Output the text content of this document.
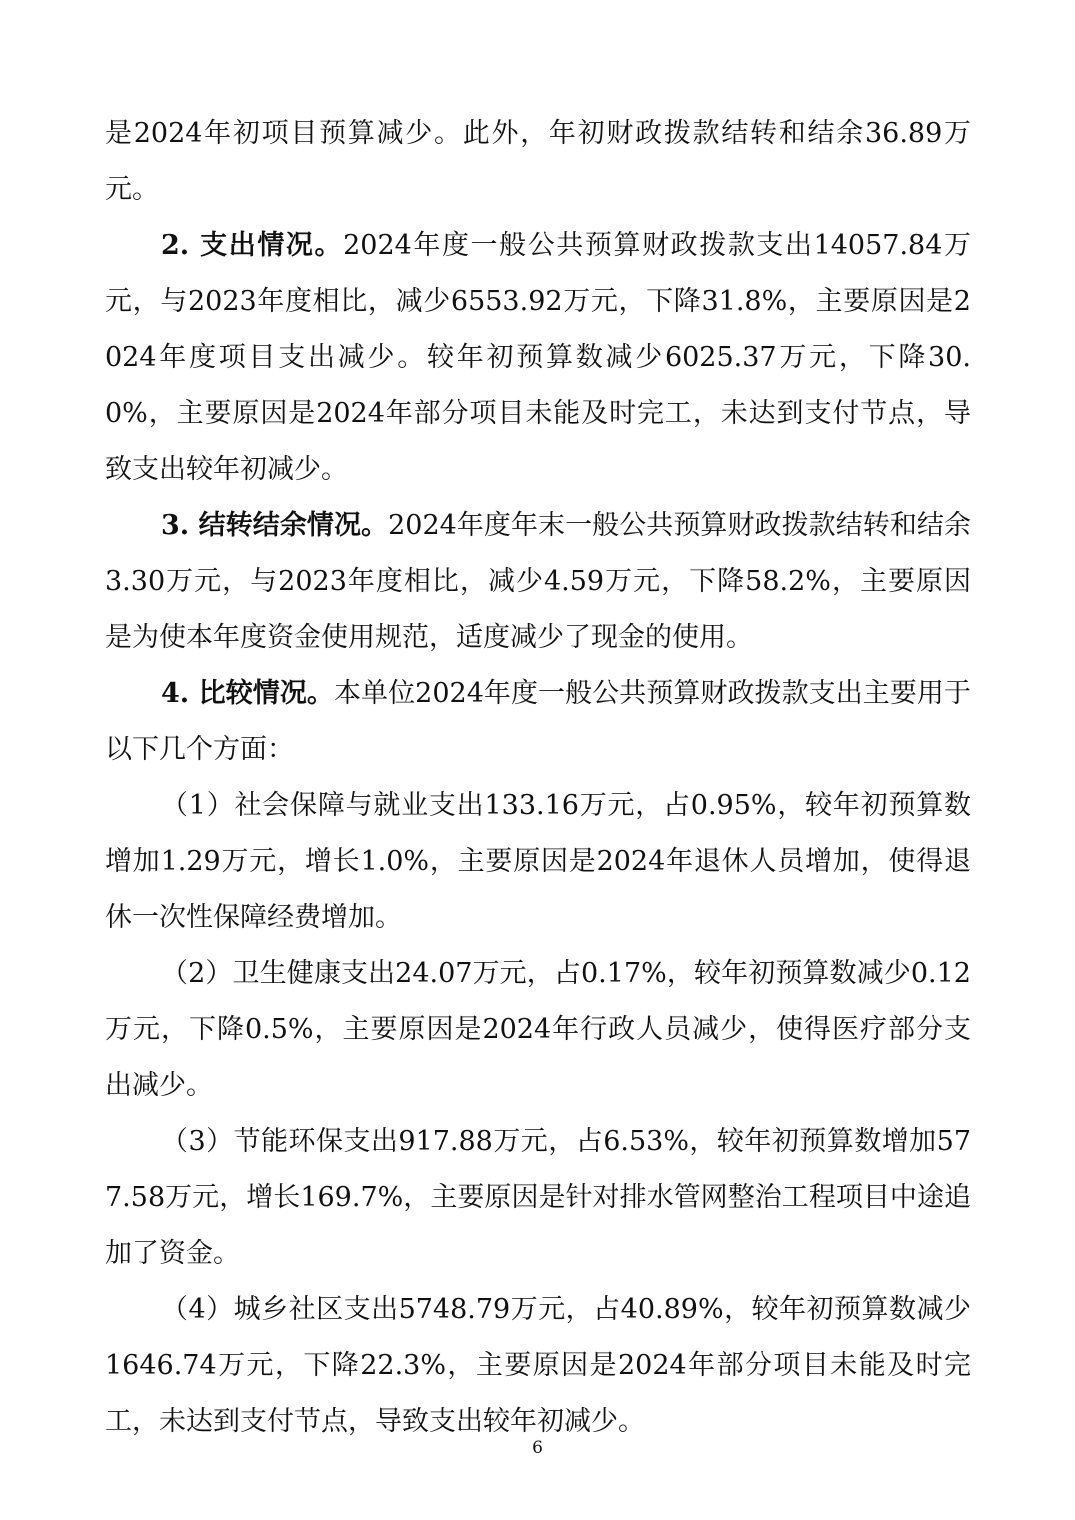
是2024年初项目预算减少。此外，年初财政拨款结转和结余36.89万元。

2. 支出情况。2024年度一般公共预算财政拨款支出14057.84万元，与2023年度相比，减少6553.92万元，下降31.8%，主要原因是2024年度项目支出减少。较年初预算数减少6025.37万元，下降30.0%，主要原因是2024年部分项目未能及时完工，未达到支付节点，导致支出较年初减少。

3. 结转结余情况。2024年度年末一般公共预算财政拨款结转和结余3.30万元，与2023年度相比，减少4.59万元，下降58.2%，主要原因是为使本年度资金使用规范，适度减少了现金的使用。

4. 比较情况。本单位2024年度一般公共预算财政拨款支出主要用于以下几个方面：

（1）社会保障与就业支出133.16万元，占0.95%，较年初预算数增加1.29万元，增长1.0%，主要原因是2024年退休人员增加，使得退休一次性保障经费增加。

（2）卫生健康支出24.07万元，占0.17%，较年初预算数减少0.12万元，下降0.5%，主要原因是2024年行政人员减少，使得医疗部分支出减少。

（3）节能环保支出917.88万元，占6.53%，较年初预算数增加577.58万元，增长169.7%，主要原因是针对排水管网整治工程项目中途追加了资金。

（4）城乡社区支出5748.79万元，占40.89%，较年初预算数减少1646.74万元，下降22.3%，主要原因是2024年部分项目未能及时完工，未达到支付节点，导致支出较年初减少。

6
